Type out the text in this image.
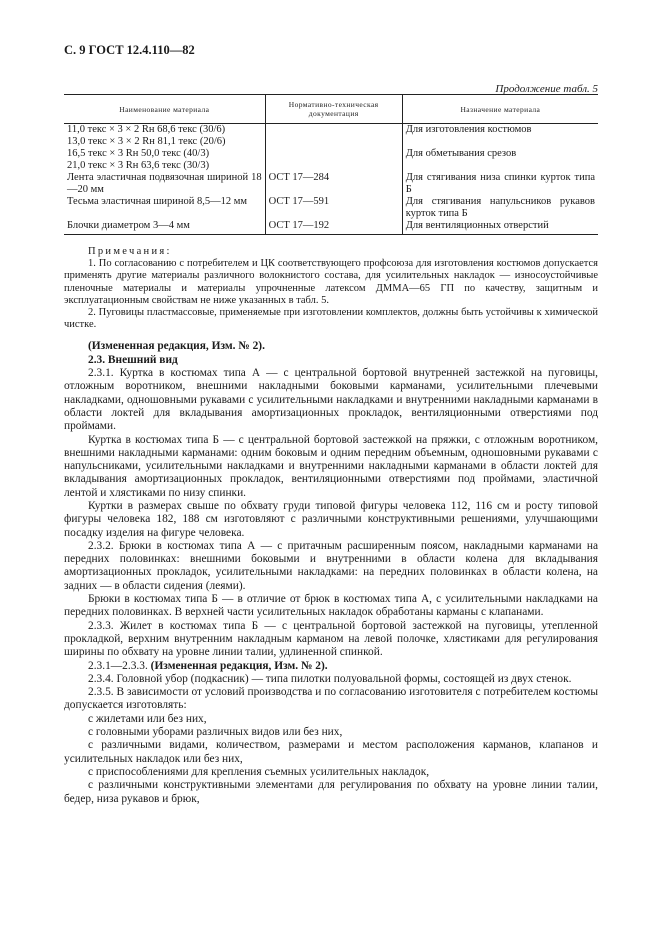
С. 9 ГОСТ 12.4.110—82
Продолжение табл. 5
Наименование материала	Нормативно-техническая документация	Назначение материала
11,0 текс × 3 × 2 Rн 68,6 текс (30/6)		Для изготовления костюмов
13,0 текс × 3 × 2 Rн 81,1 текс (20/6)		
16,5 текс × 3 Rн 50,0 текс (40/3)		Для обметывания срезов
21,0 текс × 3 Rн 63,6 текс (30/3)		
Лента эластичная подвязочная шириной 18—20 мм	ОСТ 17—284	Для стягивания низа спинки курток типа Б
Тесьма эластичная шириной 8,5—12 мм	ОСТ 17—591	Для стягивания напульсников рукавов курток типа Б
Блочки диаметром 3—4 мм	ОСТ 17—192	Для вентиляционных отверстий

Примечания:

1. По согласованию с потребителем и ЦК соответствующего профсоюза для изготовления костюмов допускается применять другие материалы различного волокнистого состава, для усилительных накладок — износоустойчивые пленочные материалы и материалы упрочненные латексом ДММА—65 ГП по качеству, защитным и эксплуатационным свойствам не ниже указанных в табл. 5.

2. Пуговицы пластмассовые, применяемые при изготовлении комплектов, должны быть устойчивы к химической чистке.

(Измененная редакция, Изм. № 2).

2.3. Внешний вид

2.3.1. Куртка в костюмах типа А — с центральной бортовой внутренней застежкой на пуговицы, отложным воротником, внешними накладными боковыми карманами, усилительными плечевыми накладками, одношовными рукавами с усилительными накладками и внутренними накладными карманами в области локтей для вкладывания амортизационных прокладок, вентиляционными отверстиями под проймами.

Куртка в костюмах типа Б — с центральной бортовой застежкой на пряжки, с отложным воротником, внешними накладными карманами: одним боковым и одним передним объемным, одношовными рукавами с напульсниками, усилительными накладками и внутренними накладными карманами в области локтей для вкладывания амортизационных прокладок, вентиляционными отверстиями под проймами, эластичной лентой и хлястиками по низу спинки.

Куртки в размерах свыше по обхвату груди типовой фигуры человека 112, 116 см и росту типовой фигуры человека 182, 188 см изготовляют с различными конструктивными решениями, улучшающими посадку изделия на фигуре человека.

2.3.2. Брюки в костюмах типа А — с притачным расширенным поясом, накладными карманами на передних половинках: внешними боковыми и внутренними в области колена для вкладывания амортизационных прокладок, усилительными накладками: на передних половинках в области колена, на задних — в области сидения (леями).

Брюки в костюмах типа Б — в отличие от брюк в костюмах типа А, с усилительными накладками на передних половинках. В верхней части усилительных накладок обработаны карманы с клапанами.

2.3.3. Жилет в костюмах типа Б — с центральной бортовой застежкой на пуговицы, утепленной прокладкой, верхним внутренним накладным карманом на левой полочке, хлястиками для регулирования ширины по обхвату на уровне линии талии, удлиненной спинкой.

2.3.1—2.3.3. (Измененная редакция, Изм. № 2).

2.3.4. Головной убор (подкасник) — типа пилотки полуовальной формы, состоящей из двух стенок.

2.3.5. В зависимости от условий производства и по согласованию изготовителя с потребителем костюмы допускается изготовлять:

с жилетами или без них,

с головными уборами различных видов или без них,

с различными видами, количеством, размерами и местом расположения карманов, клапанов и усилительных накладок или без них,

с приспособлениями для крепления съемных усилительных накладок,

с различными конструктивными элементами для регулирования по обхвату на уровне линии талии, бедер, низа рукавов и брюк,
